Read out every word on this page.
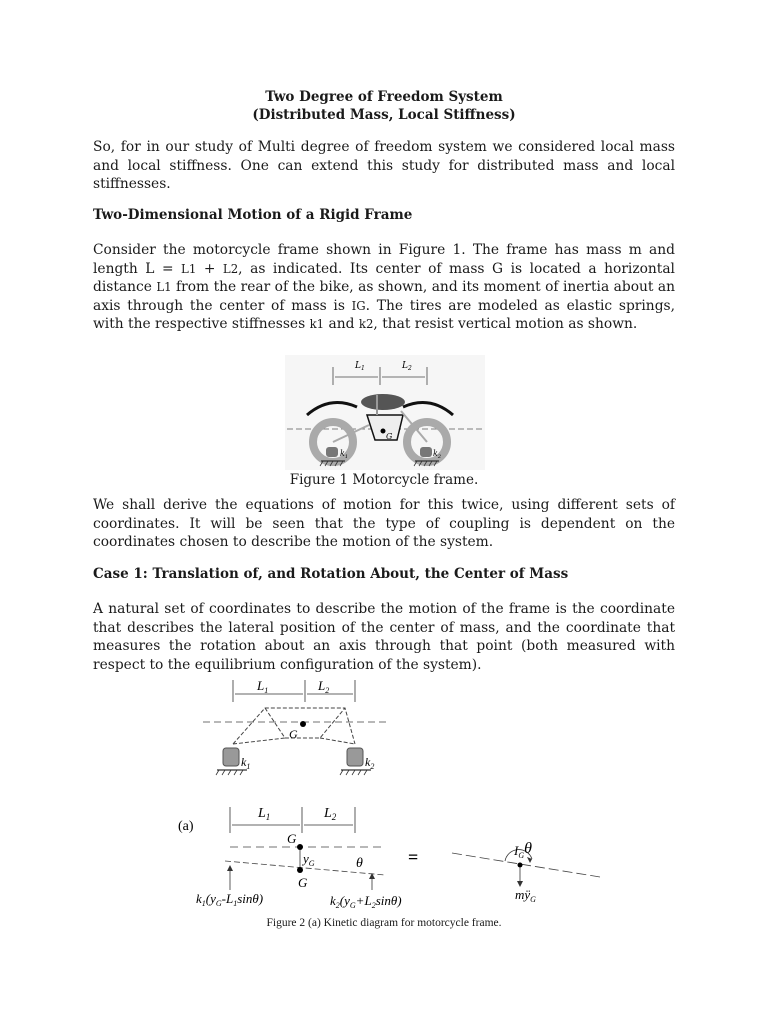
Two Degree of Freedom System
(Distributed Mass, Local Stiffness)
So, for in our study of Multi degree of freedom system we considered local mass and local stiffness. One can extend this study for distributed mass and local stiffnesses.
Two-Dimensional Motion of a Rigid Frame
Consider the motorcycle frame shown in Figure 1. The frame has mass m and length L = L1 + L2, as indicated. Its center of mass G is located a horizontal distance L1 from the rear of the bike, as shown, and its moment of inertia about an axis through the center of mass is IG. The tires are modeled as elastic springs, with the respective stiffnesses k1 and k2, that resist vertical motion as shown.
$L_1$	$L_2$
G
$k_1$	$k_2$
Figure 1 Motorcycle frame.
We shall derive the equations of motion for this twice, using different sets of coordinates. It will be seen that the type of coupling is dependent on the coordinates chosen to describe the motion of the system.
Case 1: Translation of, and Rotation About, the Center of Mass
A natural set of coordinates to describe the motion of the frame is the coordinate that describes the lateral position of the center of mass, and the coordinate that measures the rotation about an axis through that point (both measured with respect to the equilibrium configuration of the system).
$L_1$	$L_2$
G
$k_1$	$k_2$
(a)
$L_1$	$L_2$
G
$y_G$
G
θ
$k_1(y_G-L_1\sin\theta)$	$k_2(y_G+L_2\sin\theta)$
=	$I_G\theta$
$mÿ_G$
Figure 2 (a) Kinetic diagram for motorcycle frame.
